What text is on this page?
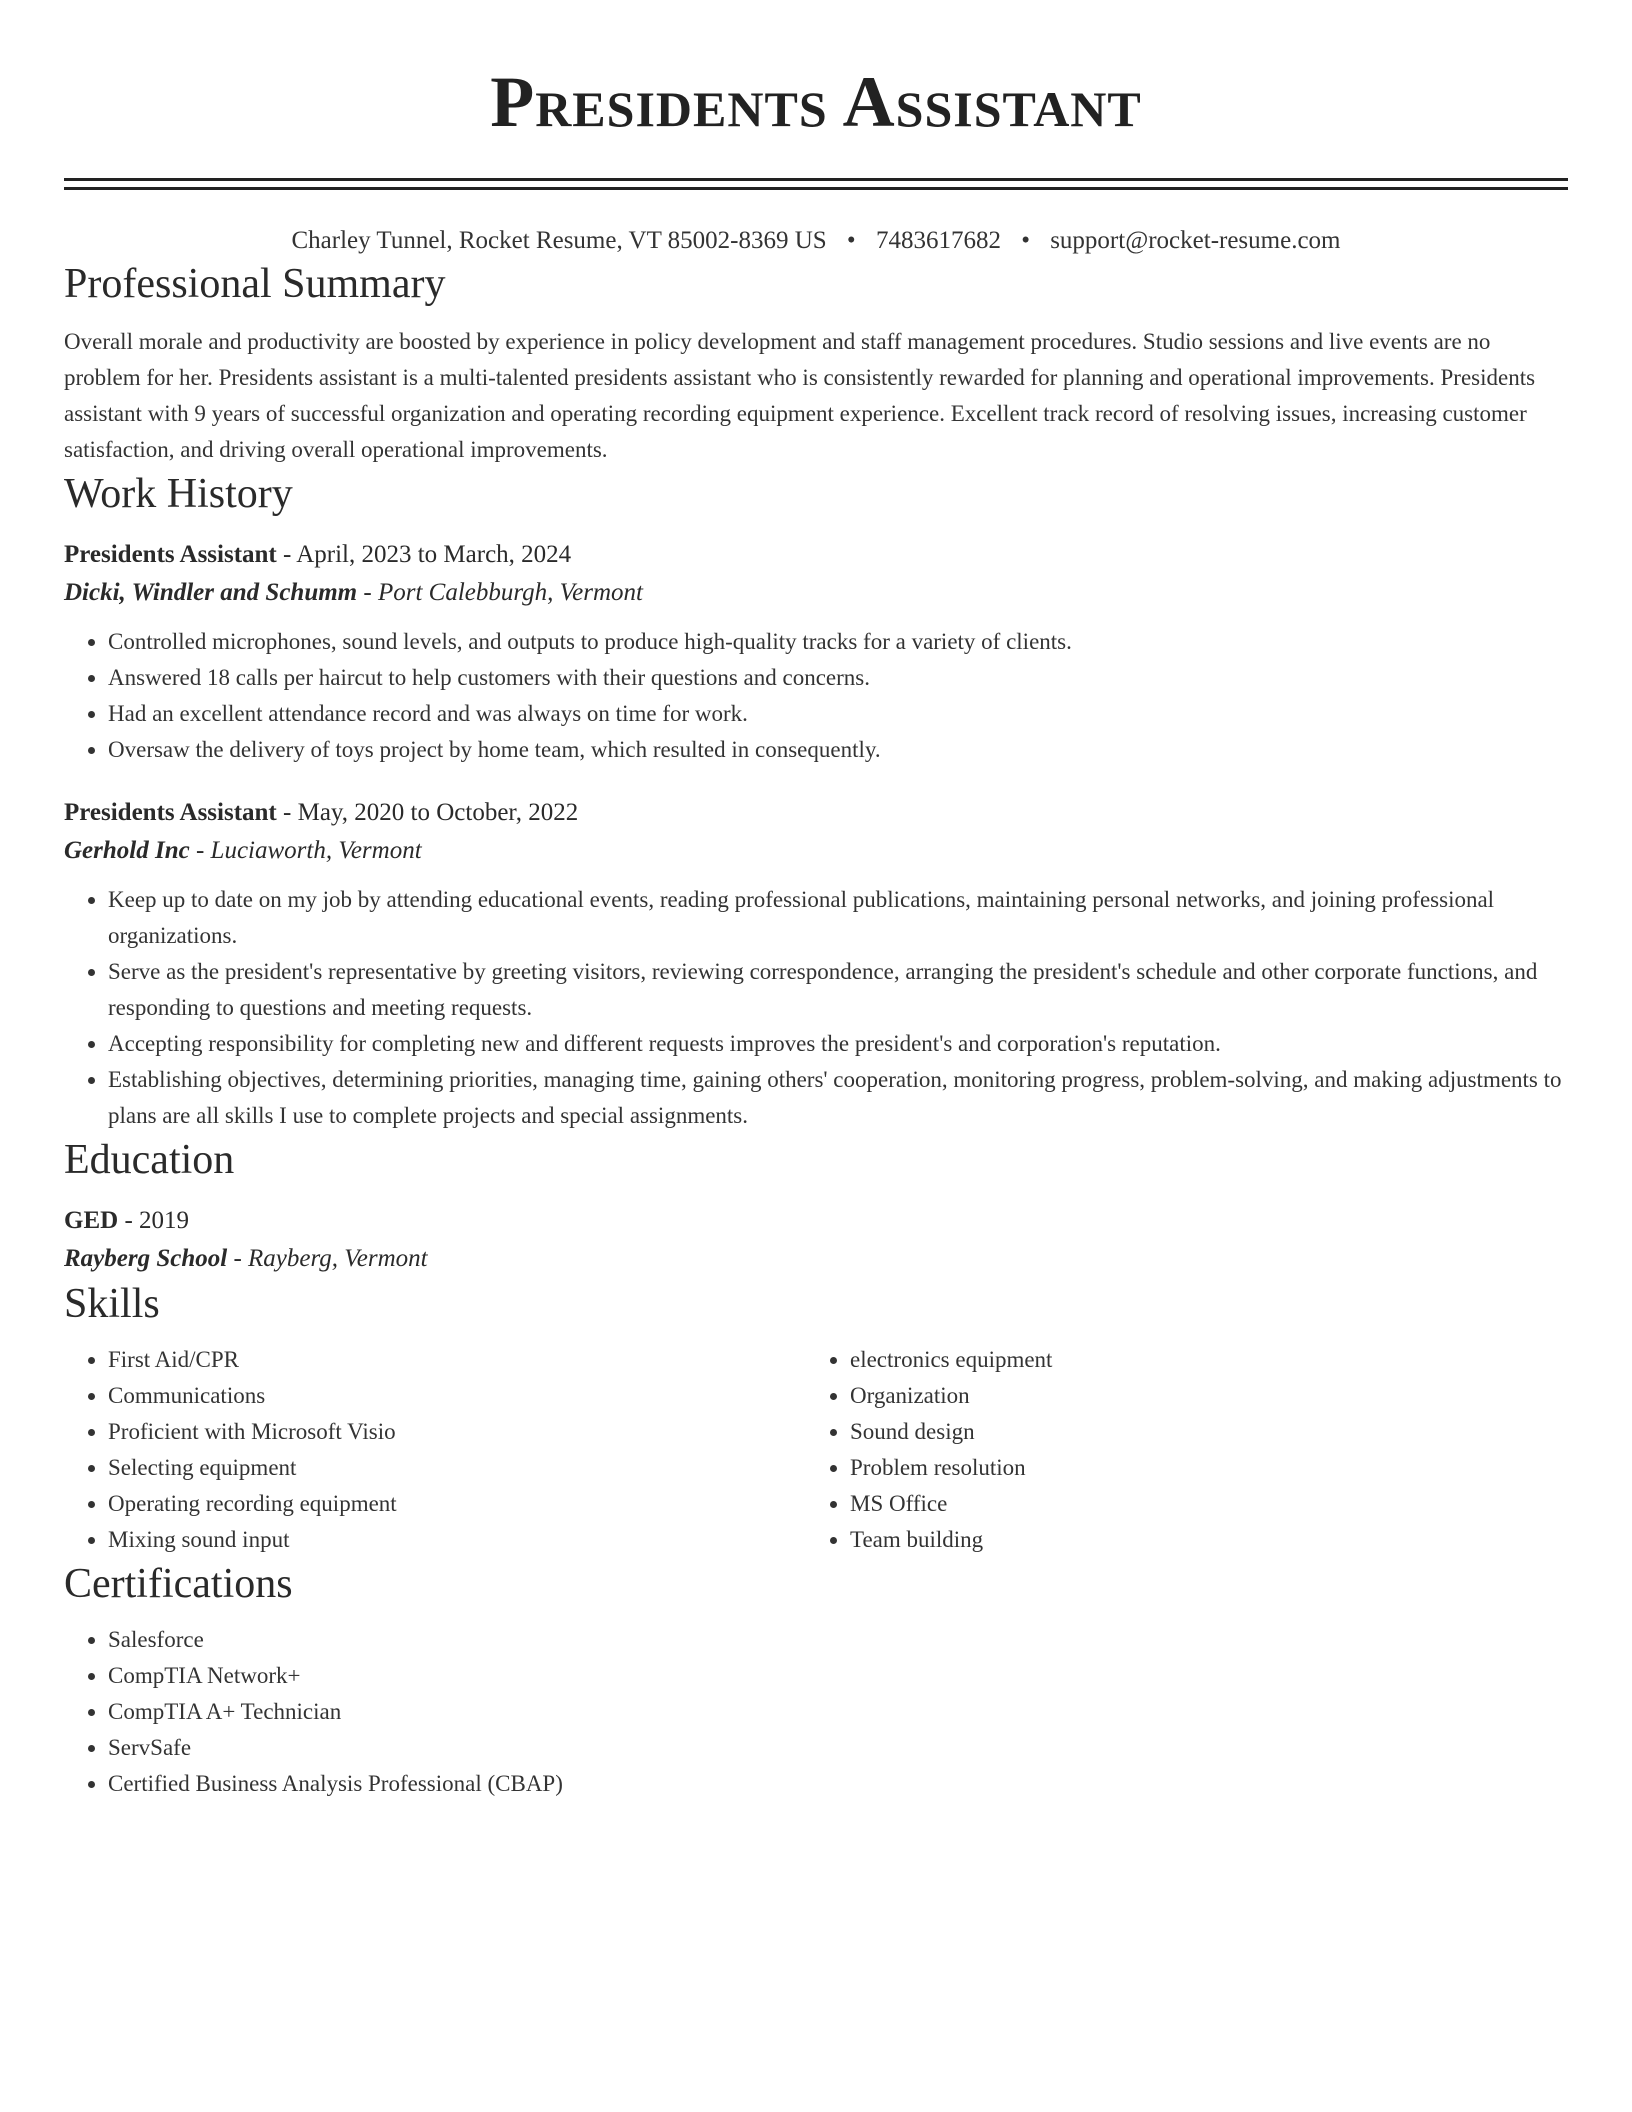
Presidents Assistant
Charley Tunnel, Rocket Resume, VT 85002-8369 US • 7483617682 • support@rocket-resume.com
Professional Summary
Overall morale and productivity are boosted by experience in policy development and staff management procedures. Studio sessions and live events are no problem for her. Presidents assistant is a multi-talented presidents assistant who is consistently rewarded for planning and operational improvements. Presidents assistant with 9 years of successful organization and operating recording equipment experience. Excellent track record of resolving issues, increasing customer satisfaction, and driving overall operational improvements.
Work History
Presidents Assistant - April, 2023 to March, 2024
Dicki, Windler and Schumm - Port Calebburgh, Vermont
• Controlled microphones, sound levels, and outputs to produce high-quality tracks for a variety of clients.
• Answered 18 calls per haircut to help customers with their questions and concerns.
• Had an excellent attendance record and was always on time for work.
• Oversaw the delivery of toys project by home team, which resulted in consequently.
Presidents Assistant - May, 2020 to October, 2022
Gerhold Inc - Luciaworth, Vermont
• Keep up to date on my job by attending educational events, reading professional publications, maintaining personal networks, and joining professional organizations.
• Serve as the president's representative by greeting visitors, reviewing correspondence, arranging the president's schedule and other corporate functions, and responding to questions and meeting requests.
• Accepting responsibility for completing new and different requests improves the president's and corporation's reputation.
• Establishing objectives, determining priorities, managing time, gaining others' cooperation, monitoring progress, problem-solving, and making adjustments to plans are all skills I use to complete projects and special assignments.
Education
GED - 2019
Rayberg School - Rayberg, Vermont
Skills
• First Aid/CPR
• Communications
• Proficient with Microsoft Visio
• Selecting equipment
• Operating recording equipment
• Mixing sound input
• electronics equipment
• Organization
• Sound design
• Problem resolution
• MS Office
• Team building
Certifications
• Salesforce
• CompTIA Network+
• CompTIA A+ Technician
• ServSafe
• Certified Business Analysis Professional (CBAP)
